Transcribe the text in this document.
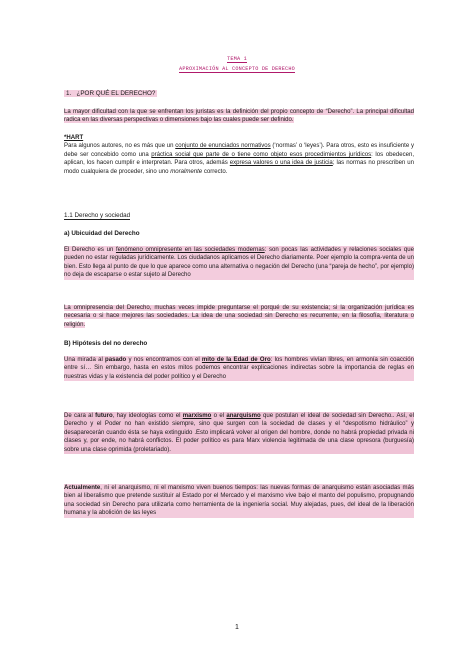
TEMA 1
APROXIMACIÓN AL CONCEPTO DE DERECHO
1. ¿POR QUÉ EL DERECHO?

La mayor dificultad con la que se enfrentan los juristas es la definición del propio concepto de “Derecho”. La principal dificultad radica en las diversas perspectivas o dimensiones bajo las cuales puede ser definido.

*HART

Para algunos autores, no es más que un conjunto de enunciados normativos (‘normas’ o ‘leyes’). Para otros, esto es insuficiente y debe ser concebido como una práctica social que parte de o tiene como objeto esos procedimientos jurídicos: los obedecen, aplican, los hacen cumplir e interpretan. Para otros, además expresa valores o una idea de justicia; las normas no prescriben un modo cualquiera de proceder, sino uno moralmente correcto.

1.1 Derecho y sociedad
a) Ubicuidad del Derecho

El Derecho es un fenómeno omnipresente en las sociedades modernas: son pocas las actividades y relaciones sociales que pueden no estar reguladas jurídicamente. Los ciudadanos aplicamos el Derecho diariamente. Poer ejemplo la compra-venta de un bien. Esto llega al punto de que lo que aparece como una alternativa o negación del Derecho (una “pareja de hecho”, por ejemplo) no deja de escaparse o estar sujeto al Derecho

La omnipresencia del Derecho, muchas veces impide preguntarse el porqué de su existencia; si la organización jurídica es necesaria o si hace mejores las sociedades. La idea de una sociedad sin Derecho es recurrente, en la filosofía, literatura o religión.

B) Hipótesis del no derecho

Una mirada al pasado y nos encontramos con el mito de la Edad de Oro: los hombres vivían libres, en armonía sin coacción entre sí… Sin embargo, hasta en estos mitos podemos encontrar explicaciones indirectas sobre la importancia de reglas en nuestras vidas y la existencia del poder político y el Derecho

De cara al futuro, hay ideologías como el marxismo o el anarquismo que postulan el ideal de sociedad sin Derecho.. Así, el Derecho y el Poder no han existido siempre, sino que surgen con la sociedad de clases y el “despotismo hidráulico” y desaparecerán cuando ésta se haya extinguido .Esto implicará volver al origen del hombre, donde no habrá propiedad privada ni clases y, por ende, no habrá conflictos. El poder político es para Marx violencia legitimada de una clase opresora (burguesía) sobre una clase oprimida (proletariado).

Actualmente, ni el anarquismo, ni el marxismo viven buenos tiempos: las nuevas formas de anarquismo están asociadas más bien al liberalismo que pretende sustituir al Estado por el Mercado y el marxismo vive bajo el manto del populismo, propugnando una sociedad sin Derecho para utilizarla como herramienta de la ingeniería social. Muy alejadas, pues, del ideal de la liberación humana y la abolición de las leyes

1
